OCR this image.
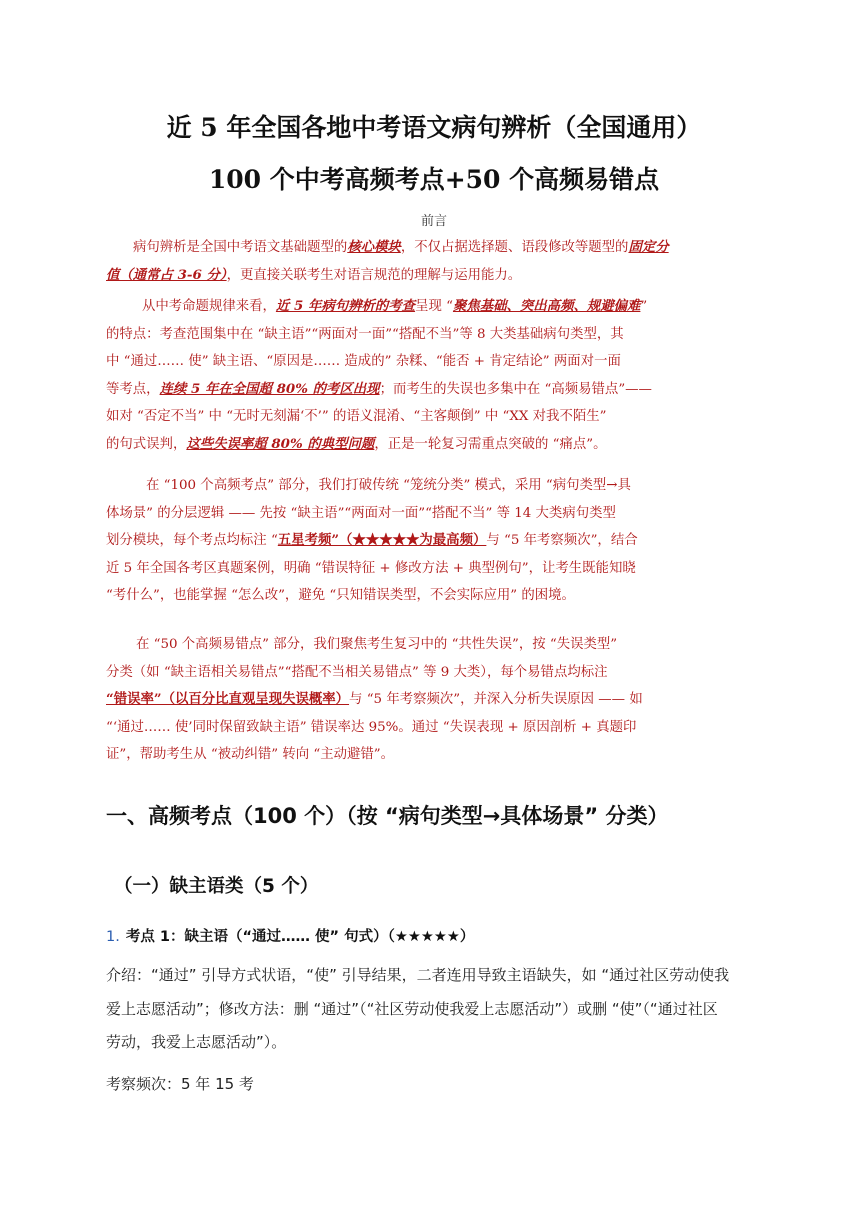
近 5 年全国各地中考语文病句辨析（全国通用）
100 个中考高频考点+50 个高频易错点
前言
病句辨析是全国中考语文基础题型的核心模块，不仅占据选择题、语段修改等题型的固定分
值（通常占 3-6 分），更直接关联考生对语言规范的理解与运用能力。
从中考命题规律来看，近 5 年病句辨析的考查呈现 “聚焦基础、突出高频、规避偏难”
的特点：考查范围集中在 “缺主语”“两面对一面”“搭配不当”等 8 大类基础病句类型，其
中 “通过…… 使” 缺主语、“原因是…… 造成的” 杂糅、“能否 + 肯定结论” 两面对一面
等考点，连续 5 年在全国超 80% 的考区出现；而考生的失误也多集中在 “高频易错点”——
如对 “否定不当” 中 “无时无刻漏‘不’” 的语义混淆、“主客颠倒” 中 “XX 对我不陌生”
的句式误判，这些失误率超 80% 的典型问题，正是一轮复习需重点突破的 “痛点”。
在 “100 个高频考点” 部分，我们打破传统 “笼统分类” 模式，采用 “病句类型→具
体场景” 的分层逻辑 —— 先按 “缺主语”“两面对一面”“搭配不当” 等 14 大类病句类型
划分模块，每个考点均标注 “五星考频”（★★★★★为最高频）与 “5 年考察频次”，结合
近 5 年全国各考区真题案例，明确 “错误特征 + 修改方法 + 典型例句”，让考生既能知晓
“考什么”，也能掌握 “怎么改”，避免 “只知错误类型，不会实际应用” 的困境。
在 “50 个高频易错点” 部分，我们聚焦考生复习中的 “共性失误”，按 “失误类型”
分类（如 “缺主语相关易错点”“搭配不当相关易错点” 等 9 大类），每个易错点均标注
“错误率”（以百分比直观呈现失误概率）与 “5 年考察频次”，并深入分析失误原因 —— 如
“‘通过…… 使’同时保留致缺主语” 错误率达 95%。通过 “失误表现 + 原因剖析 + 真题印
证”，帮助考生从 “被动纠错” 转向 “主动避错”。
一、高频考点（100 个）（按 “病句类型→具体场景” 分类）
（一）缺主语类（5 个）
1. 考点 1：缺主语（“通过…… 使” 句式）（★★★★★）
介绍：“通过” 引导方式状语，“使” 引导结果，二者连用导致主语缺失，如 “通过社区劳动使我
爱上志愿活动”；修改方法：删 “通过”（“社区劳动使我爱上志愿活动”）或删 “使”（“通过社区
劳动，我爱上志愿活动”）。
考察频次：5 年 15 考
